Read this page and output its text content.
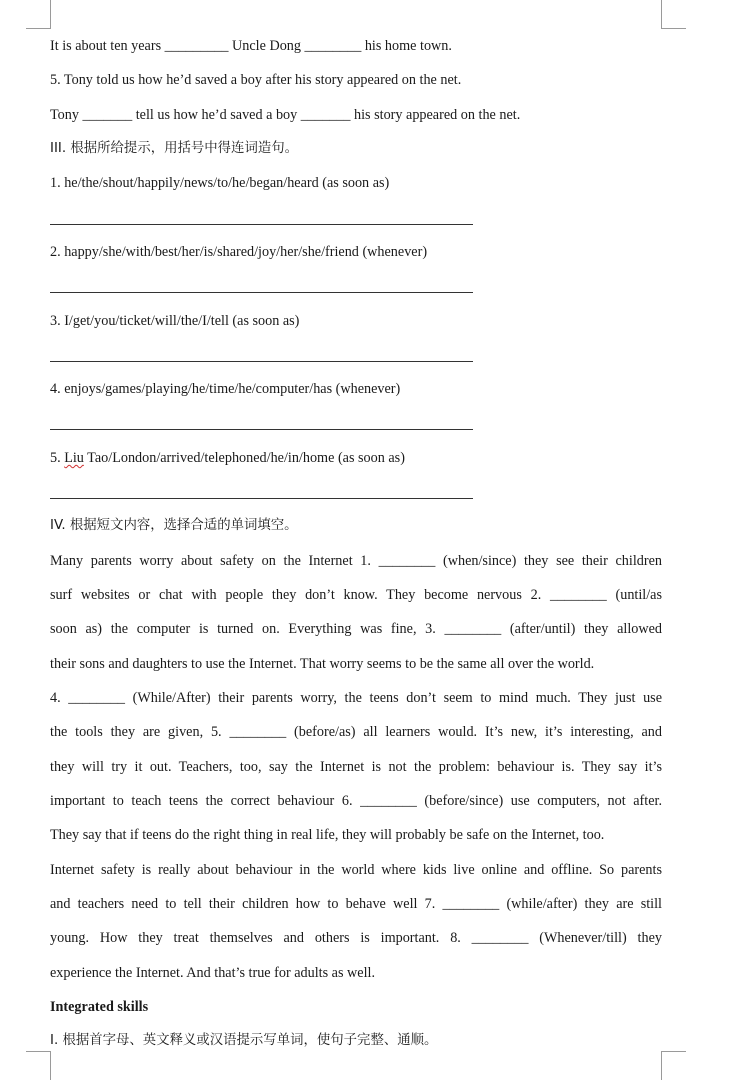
It is about ten years _________ Uncle Dong ________ his home town.
5. Tony told us how he’d saved a boy after his story appeared on the net.
Tony _______ tell us how he’d saved a boy _______ his story appeared on the net.
III. 根据所给提示，用括号中得连词造句。
1. he/the/shout/happily/news/to/he/began/heard (as soon as)
2. happy/she/with/best/her/is/shared/joy/her/she/friend (whenever)
3. I/get/you/ticket/will/the/I/tell (as soon as)
4. enjoys/games/playing/he/time/he/computer/has (whenever)
5. Liu Tao/London/arrived/telephoned/he/in/home (as soon as)
IV. 根据短文内容，选择合适的单词填空。
Many parents worry about safety on the Internet 1. ________ (when/since) they see their children
surf websites or chat with people they don’t know. They become nervous 2. ________ (until/as
soon as) the computer is turned on. Everything was fine, 3. ________ (after/until) they allowed
their sons and daughters to use the Internet. That worry seems to be the same all over the world.
4. ________ (While/After) their parents worry, the teens don’t seem to mind much. They just use
the tools they are given, 5. ________ (before/as) all learners would. It’s new, it’s interesting, and
they will try it out. Teachers, too, say the Internet is not the problem: behaviour is. They say it’s
important to teach teens the correct behaviour 6. ________ (before/since) use computers, not after.
They say that if teens do the right thing in real life, they will probably be safe on the Internet, too.
Internet safety is really about behaviour in the world where kids live online and offline. So parents
and teachers need to tell their children how to behave well 7. ________ (while/after) they are still
young. How they treat themselves and others is important. 8. ________ (Whenever/till) they
experience the Internet. And that’s true for adults as well.
Integrated skills
I. 根据首字母、英文释义或汉语提示写单词，使句子完整、通顺。
